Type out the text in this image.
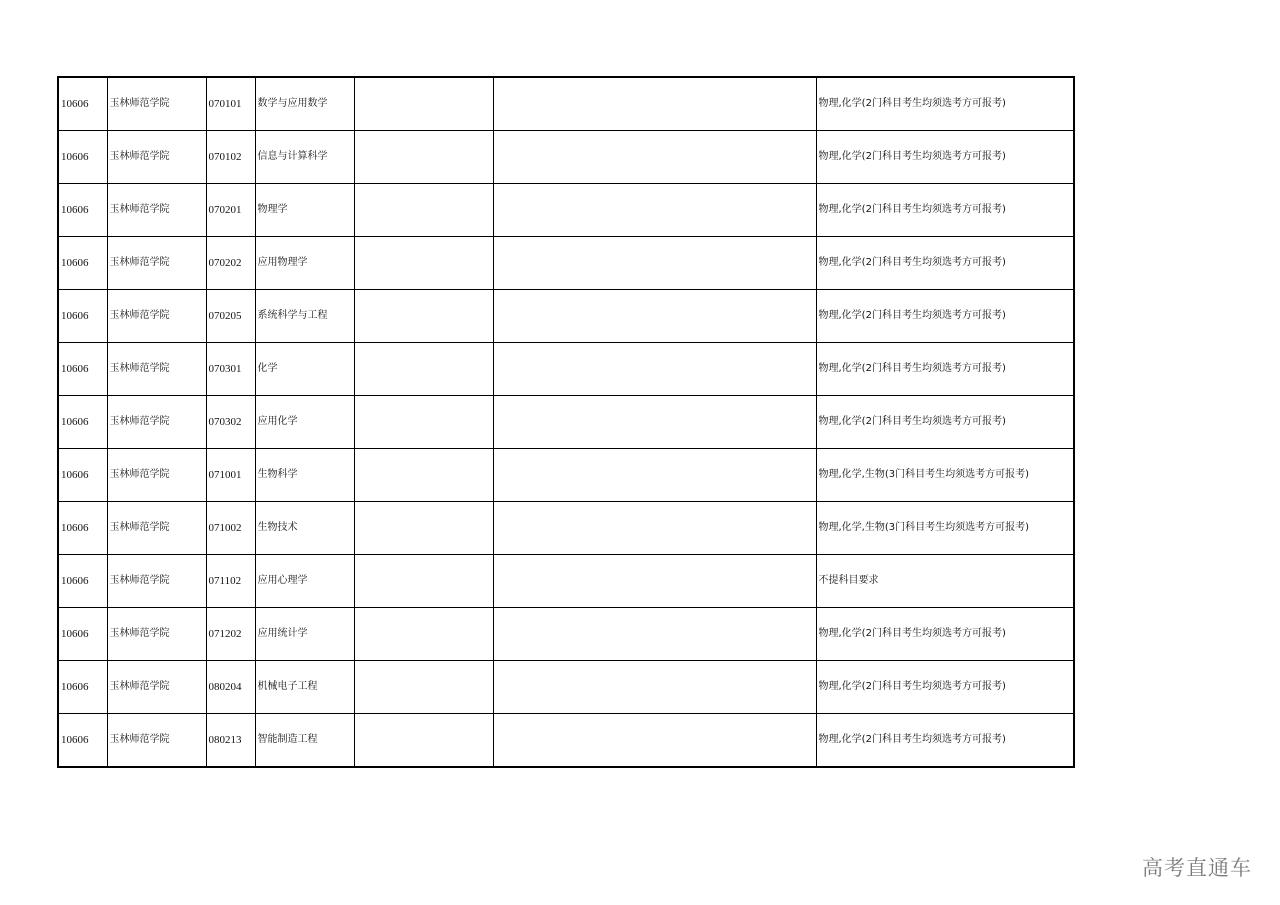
10606	玉林师范学院	070101	数学与应用数学			物理,化学(2门科目考生均须选考方可报考)
10606	玉林师范学院	070102	信息与计算科学			物理,化学(2门科目考生均须选考方可报考)
10606	玉林师范学院	070201	物理学			物理,化学(2门科目考生均须选考方可报考)
10606	玉林师范学院	070202	应用物理学			物理,化学(2门科目考生均须选考方可报考)
10606	玉林师范学院	070205	系统科学与工程			物理,化学(2门科目考生均须选考方可报考)
10606	玉林师范学院	070301	化学			物理,化学(2门科目考生均须选考方可报考)
10606	玉林师范学院	070302	应用化学			物理,化学(2门科目考生均须选考方可报考)
10606	玉林师范学院	071001	生物科学			物理,化学,生物(3门科目考生均须选考方可报考)
10606	玉林师范学院	071002	生物技术			物理,化学,生物(3门科目考生均须选考方可报考)
10606	玉林师范学院	071102	应用心理学			不提科目要求
10606	玉林师范学院	071202	应用统计学			物理,化学(2门科目考生均须选考方可报考)
10606	玉林师范学院	080204	机械电子工程			物理,化学(2门科目考生均须选考方可报考)
10606	玉林师范学院	080213	智能制造工程			物理,化学(2门科目考生均须选考方可报考)
高考直通车
